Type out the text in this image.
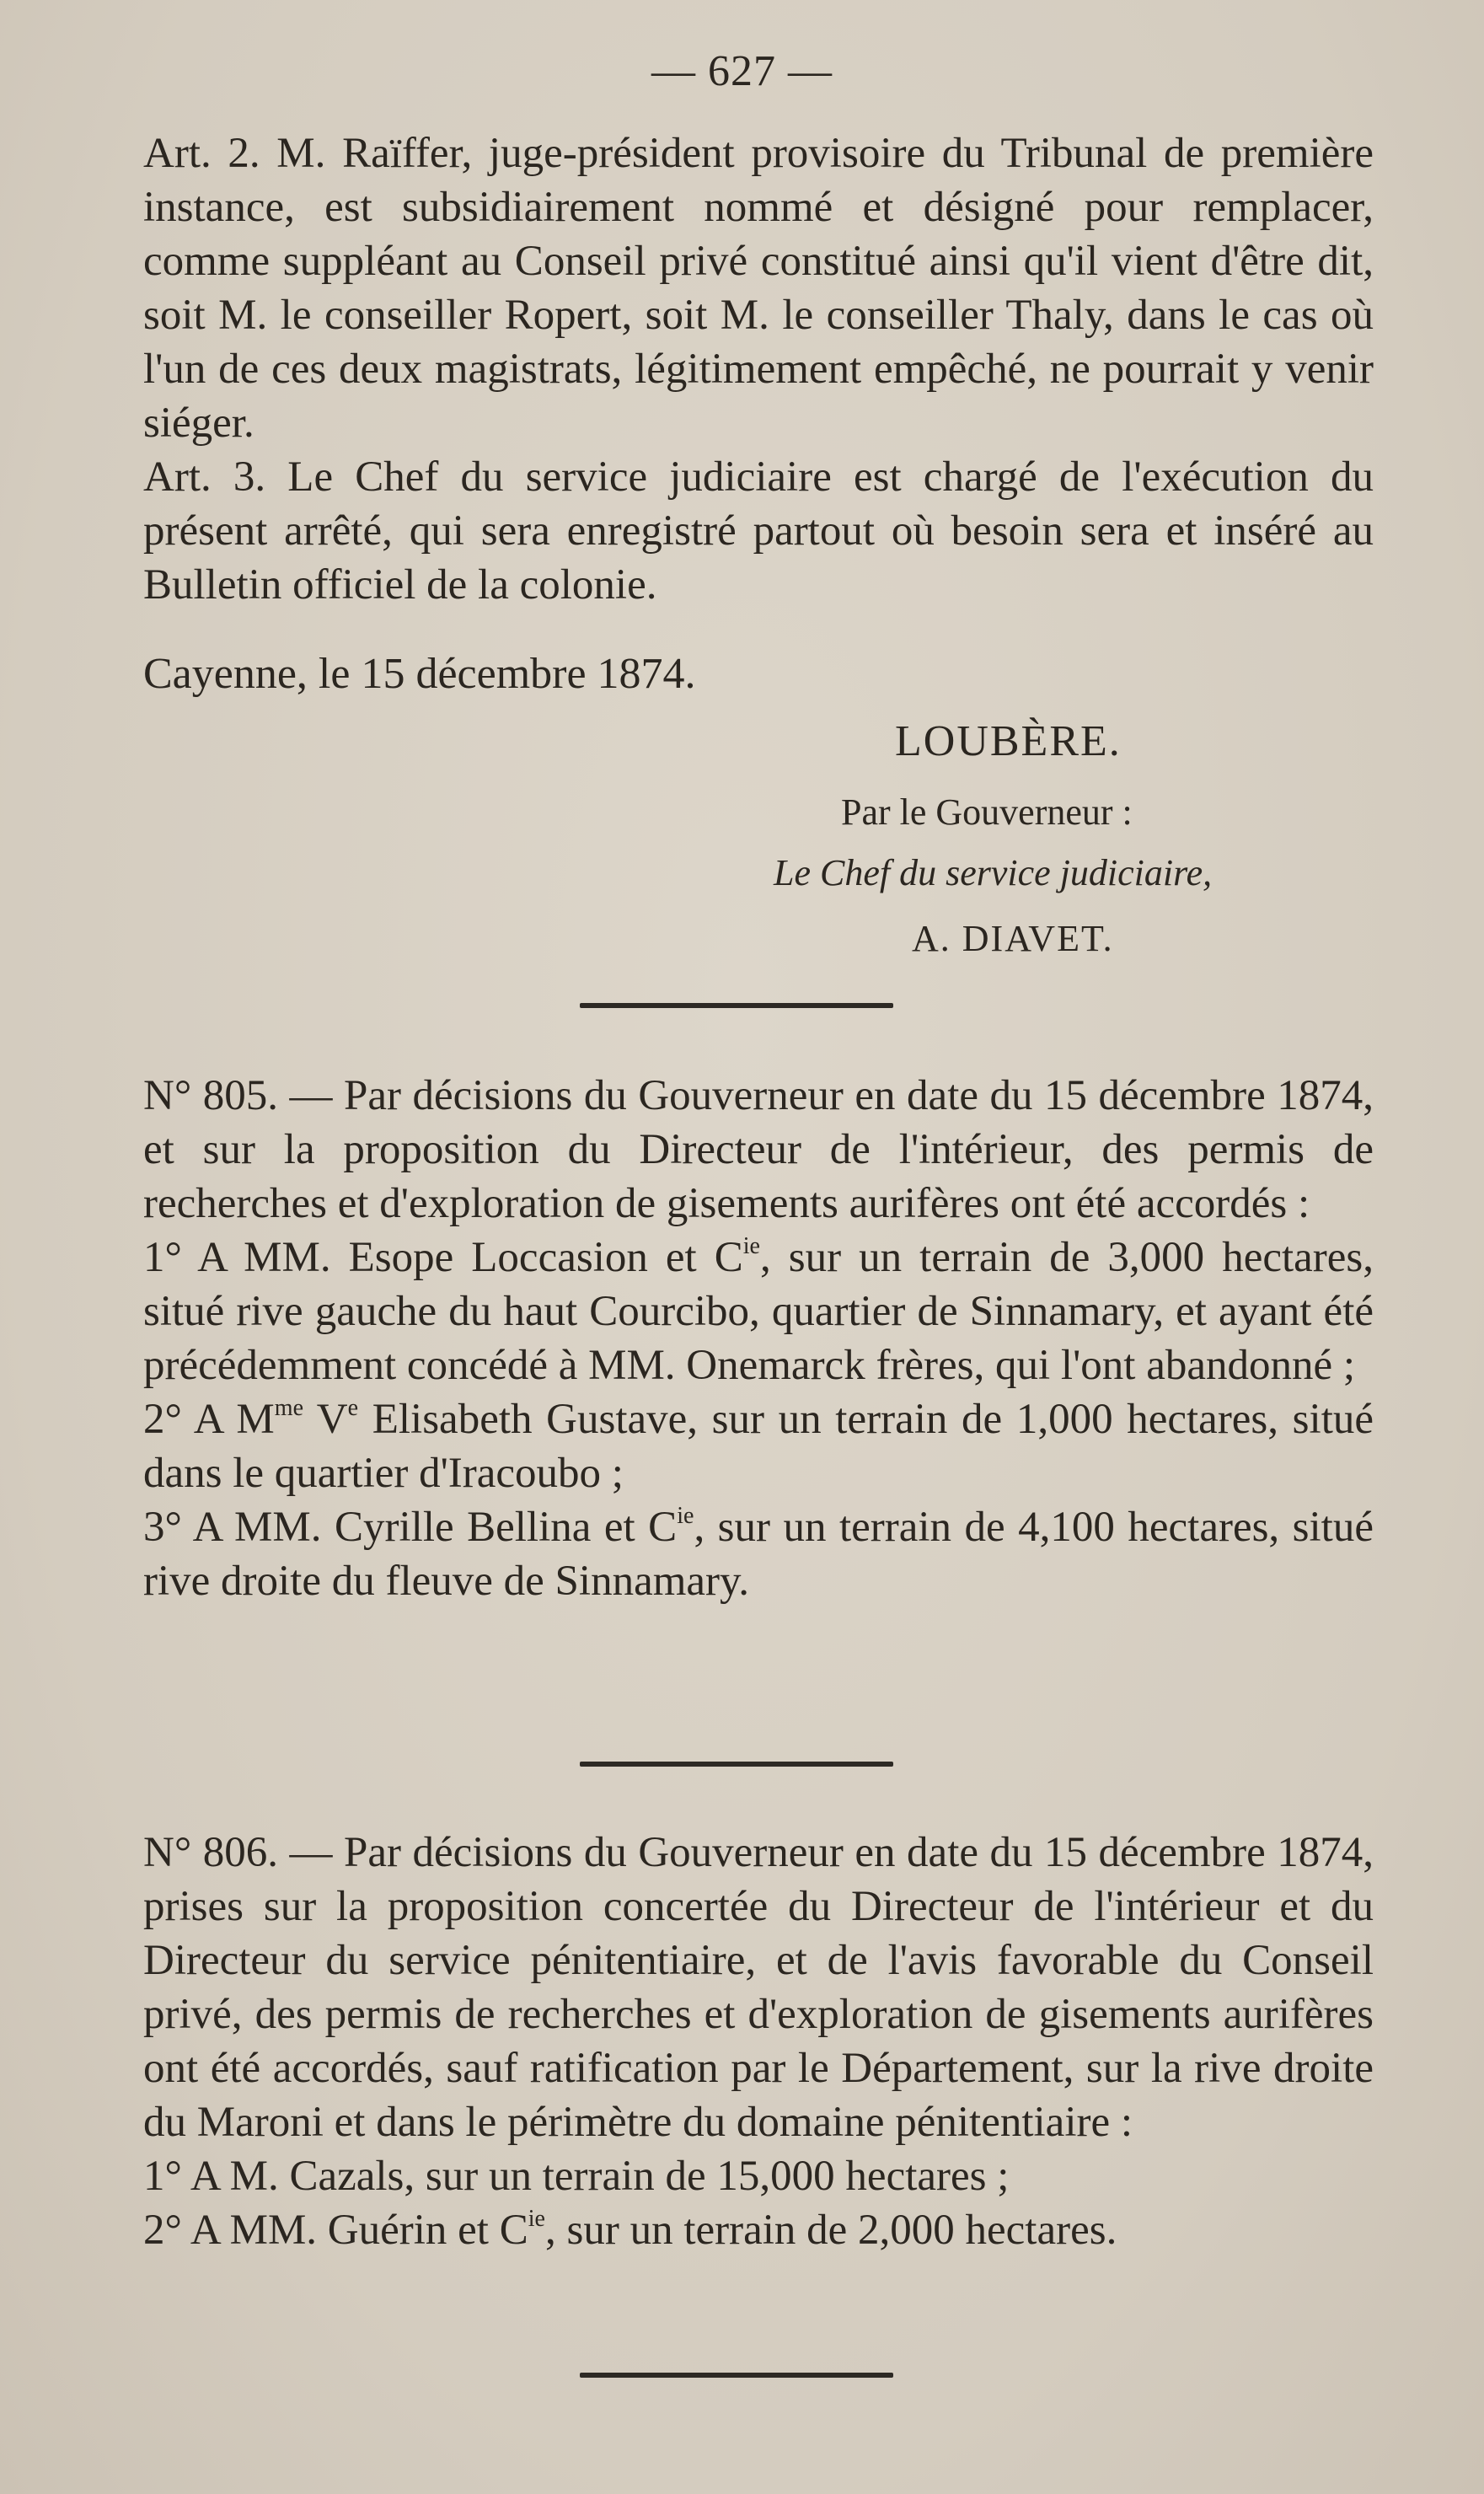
— 627 —

Art. 2. M. Raïffer, juge-président provisoire du Tribunal de première instance, est subsidiairement nommé et désigné pour remplacer, comme suppléant au Conseil privé constitué ainsi qu'il vient d'être dit, soit M. le conseiller Ropert, soit M. le conseiller Thaly, dans le cas où l'un de ces deux magistrats, légitimement empêché, ne pourrait y venir siéger.

Art. 3. Le Chef du service judiciaire est chargé de l'exécution du présent arrêté, qui sera enregistré partout où besoin sera et inséré au Bulletin officiel de la colonie.

Cayenne, le 15 décembre 1874.

LOUBÈRE.
Par le Gouverneur :
Le Chef du service judiciaire,
A. DIAVET.

N° 805. — Par décisions du Gouverneur en date du 15 décembre 1874, et sur la proposition du Directeur de l'intérieur, des permis de recherches et d'exploration de gisements aurifères ont été accordés :

1° A MM. Esope Loccasion et $C^{ie}$, sur un terrain de 3,000 hectares, situé rive gauche du haut Courcibo, quartier de Sinnamary, et ayant été précédemment concédé à MM. Onemarck frères, qui l'ont abandonné ;

2° A $M^{me}$ Ve Elisabeth Gustave, sur un terrain de 1,000 hectares, situé dans le quartier d'Iracoubo ;

3° A MM. Cyrille Bellina et $C^{ie}$, sur un terrain de 4,100 hectares, situé rive droite du fleuve de Sinnamary.

N° 806. — Par décisions du Gouverneur en date du 15 décembre 1874, prises sur la proposition concertée du Directeur de l'intérieur et du Directeur du service pénitentiaire, et de l'avis favorable du Conseil privé, des permis de recherches et d'exploration de gisements aurifères ont été accordés, sauf ratification par le Département, sur la rive droite du Maroni et dans le périmètre du domaine pénitentiaire :

1° A M. Cazals, sur un terrain de 15,000 hectares ;

2° A MM. Guérin et $C^{ie}$, sur un terrain de 2,000 hectares.
